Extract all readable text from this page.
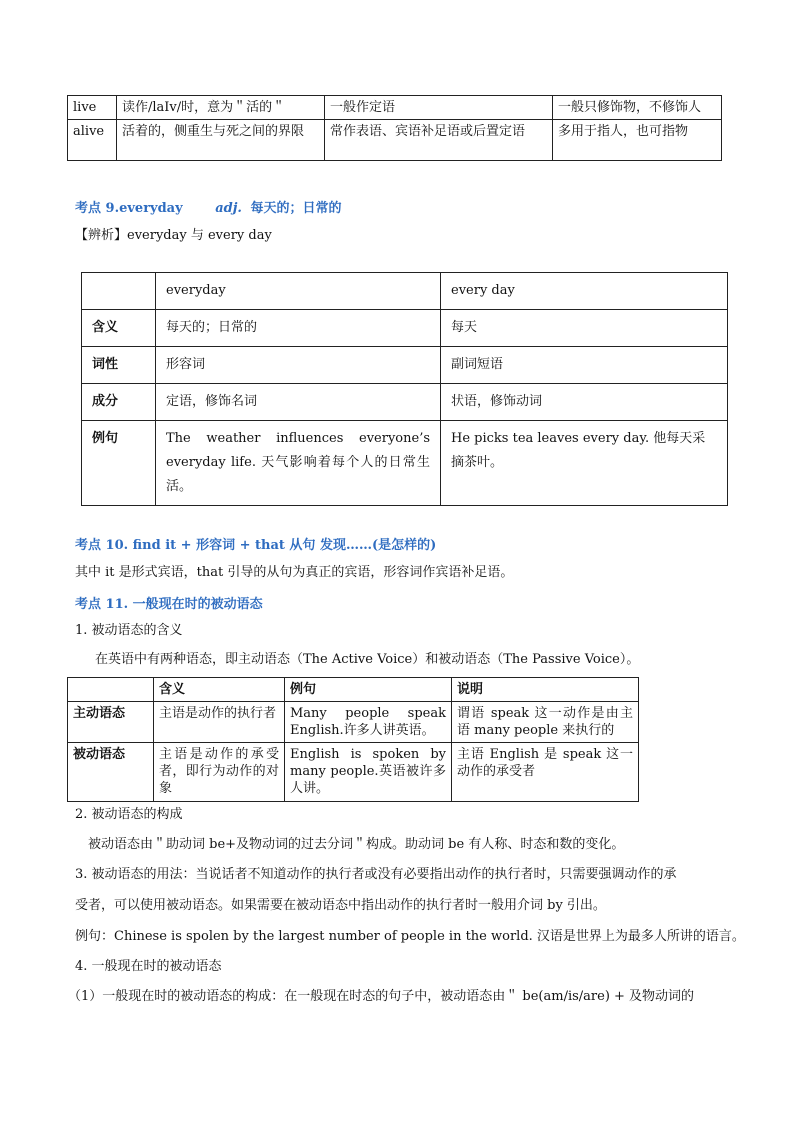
live	读作/laIv/时，意为＂活的＂	一般作定语	一般只修饰物，不修饰人
alive	活着的，侧重生与死之间的界限	常作表语、宾语补足语或后置定语	多用于指人，也可指物
考点 9.everyday	adj. 每天的；日常的
【辨析】everyday 与 every day
	everyday	every day
含义	每天的；日常的	每天
词性	形容词	副词短语
成分	定语，修饰名词	状语，修饰动词
例句	The weather influences everyone’s everyday life. 天气影响着每个人的日常生活。	He picks tea leaves every day. 他每天采摘茶叶。
考点 10. find it + 形容词 + that 从句 发现……(是怎样的)
其中 it 是形式宾语，that 引导的从句为真正的宾语，形容词作宾语补足语。
考点 11. 一般现在时的被动语态
1. 被动语态的含义
在英语中有两种语态，即主动语态（The Active Voice）和被动语态（The Passive Voice）。
	含义	例句	说明
主动语态	主语是动作的执行者	Many people speak English.许多人讲英语。	谓语 speak 这一动作是由主语 many people 来执行的
被动语态	主语是动作的承受者，即行为动作的对象	English is spoken by many people.英语被许多人讲。	主语 English 是 speak 这一动作的承受者
2. 被动语态的构成
被动语态由＂助动词 be+及物动词的过去分词＂构成。助动词 be 有人称、时态和数的变化。
3. 被动语态的用法：当说话者不知道动作的执行者或没有必要指出动作的执行者时，只需要强调动作的承
受者，可以使用被动语态。如果需要在被动语态中指出动作的执行者时一般用介词 by 引出。
例句：Chinese is spolen by the largest number of people in the world. 汉语是世界上为最多人所讲的语言。
4. 一般现在时的被动语态
（1）一般现在时的被动语态的构成：在一般现在时态的句子中，被动语态由＂ be(am/is/are) + 及物动词的
